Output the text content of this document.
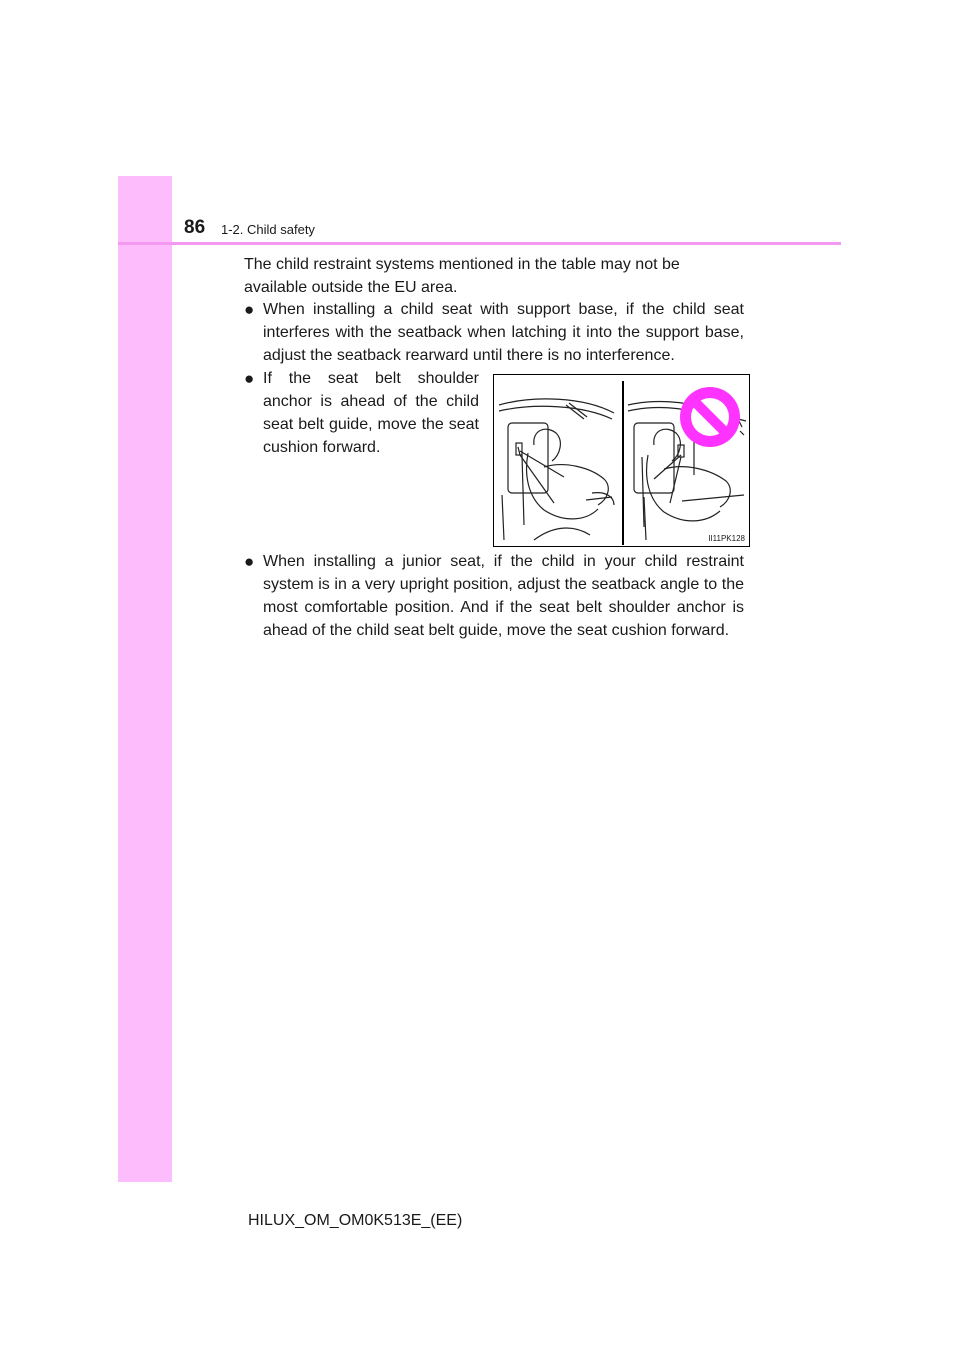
86 1-2. Child safety
The child restraint systems mentioned in the table may not be available outside the EU area.
● When installing a child seat with support base, if the child seat interferes with the seatback when latching it into the support base, adjust the seatback rearward until there is no interference.
● If the seat belt shoulder anchor is ahead of the child seat belt guide, move the seat cushion forward.
II11PK128
● When installing a junior seat, if the child in your child restraint system is in a very upright position, adjust the seatback angle to the most comfortable position. And if the seat belt shoulder anchor is ahead of the child seat belt guide, move the seat cushion forward.
HILUX_OM_OM0K513E_(EE)
